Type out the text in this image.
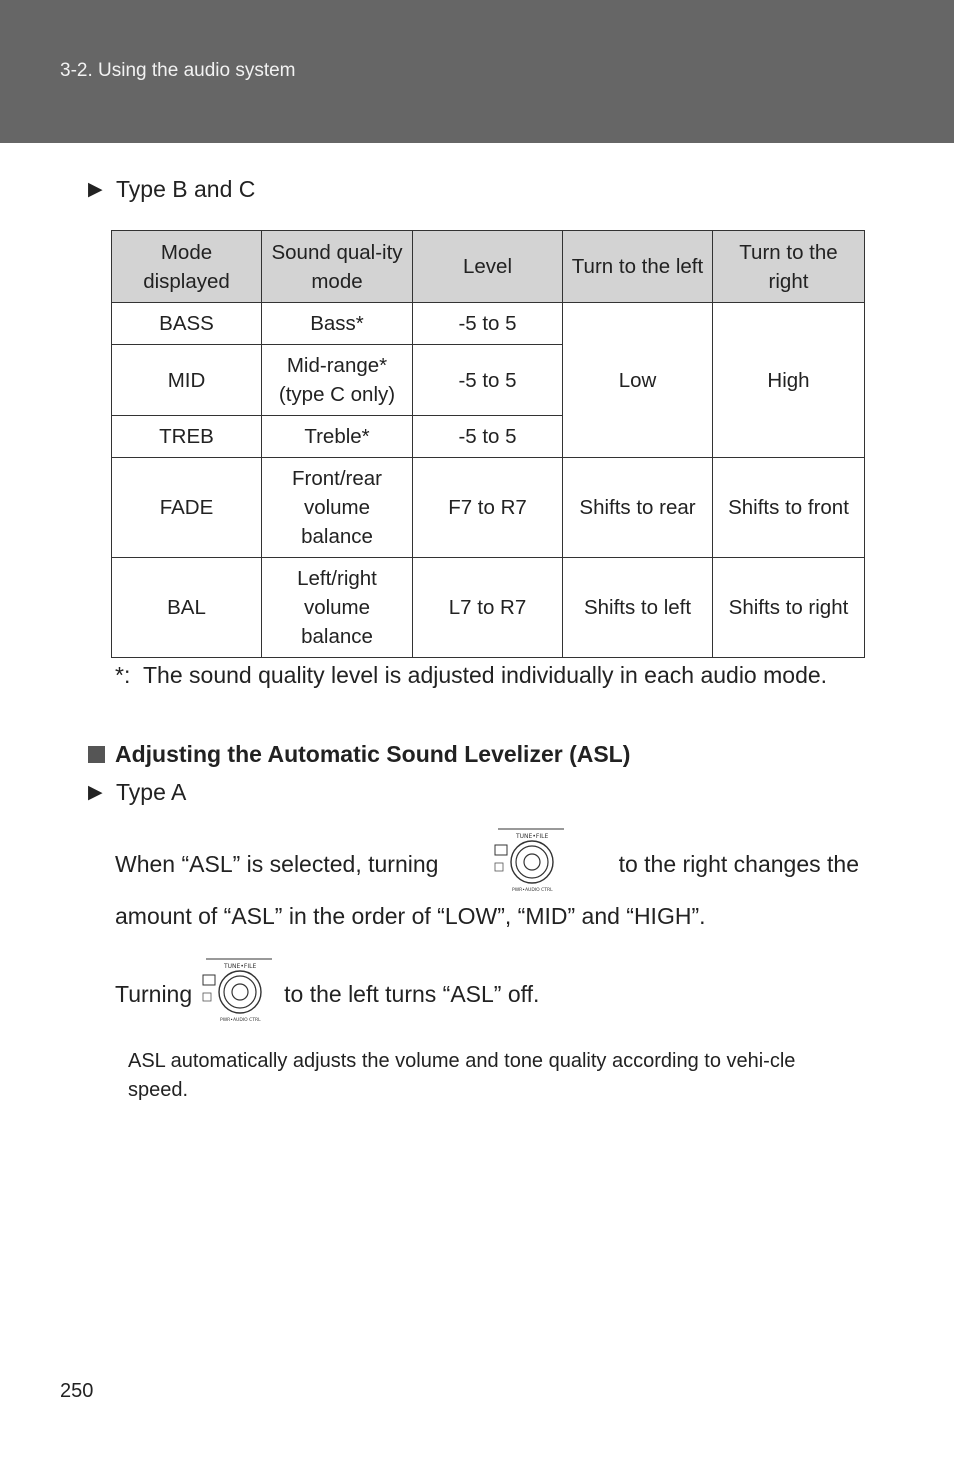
3-2. Using the audio system
▶ Type B and C
Mode displayed	Sound qual-ity mode	Level	Turn to the left	Turn to the right
BASS	Bass*	-5 to 5	Low	High
MID	Mid-range* (type C only)	-5 to 5		
TREB	Treble*	-5 to 5		
FADE	Front/rear volume balance	F7 to R7	Shifts to rear	Shifts to front
BAL	Left/right volume balance	L7 to R7	Shifts to left	Shifts to right
*: The sound quality level is adjusted individually in each audio mode.
Adjusting the Automatic Sound Levelizer (ASL)
▶ Type A
When “ASL” is selected, turning
TUNE•FILE
PWR•AUDIO CTRL
to the right changes the
amount of “ASL” in the order of “LOW”, “MID” and “HIGH”.
Turning
TUNE•FILE
PWR•AUDIO CTRL
to the left turns “ASL” off.
ASL automatically adjusts the volume and tone quality according to vehi-cle speed.
250
